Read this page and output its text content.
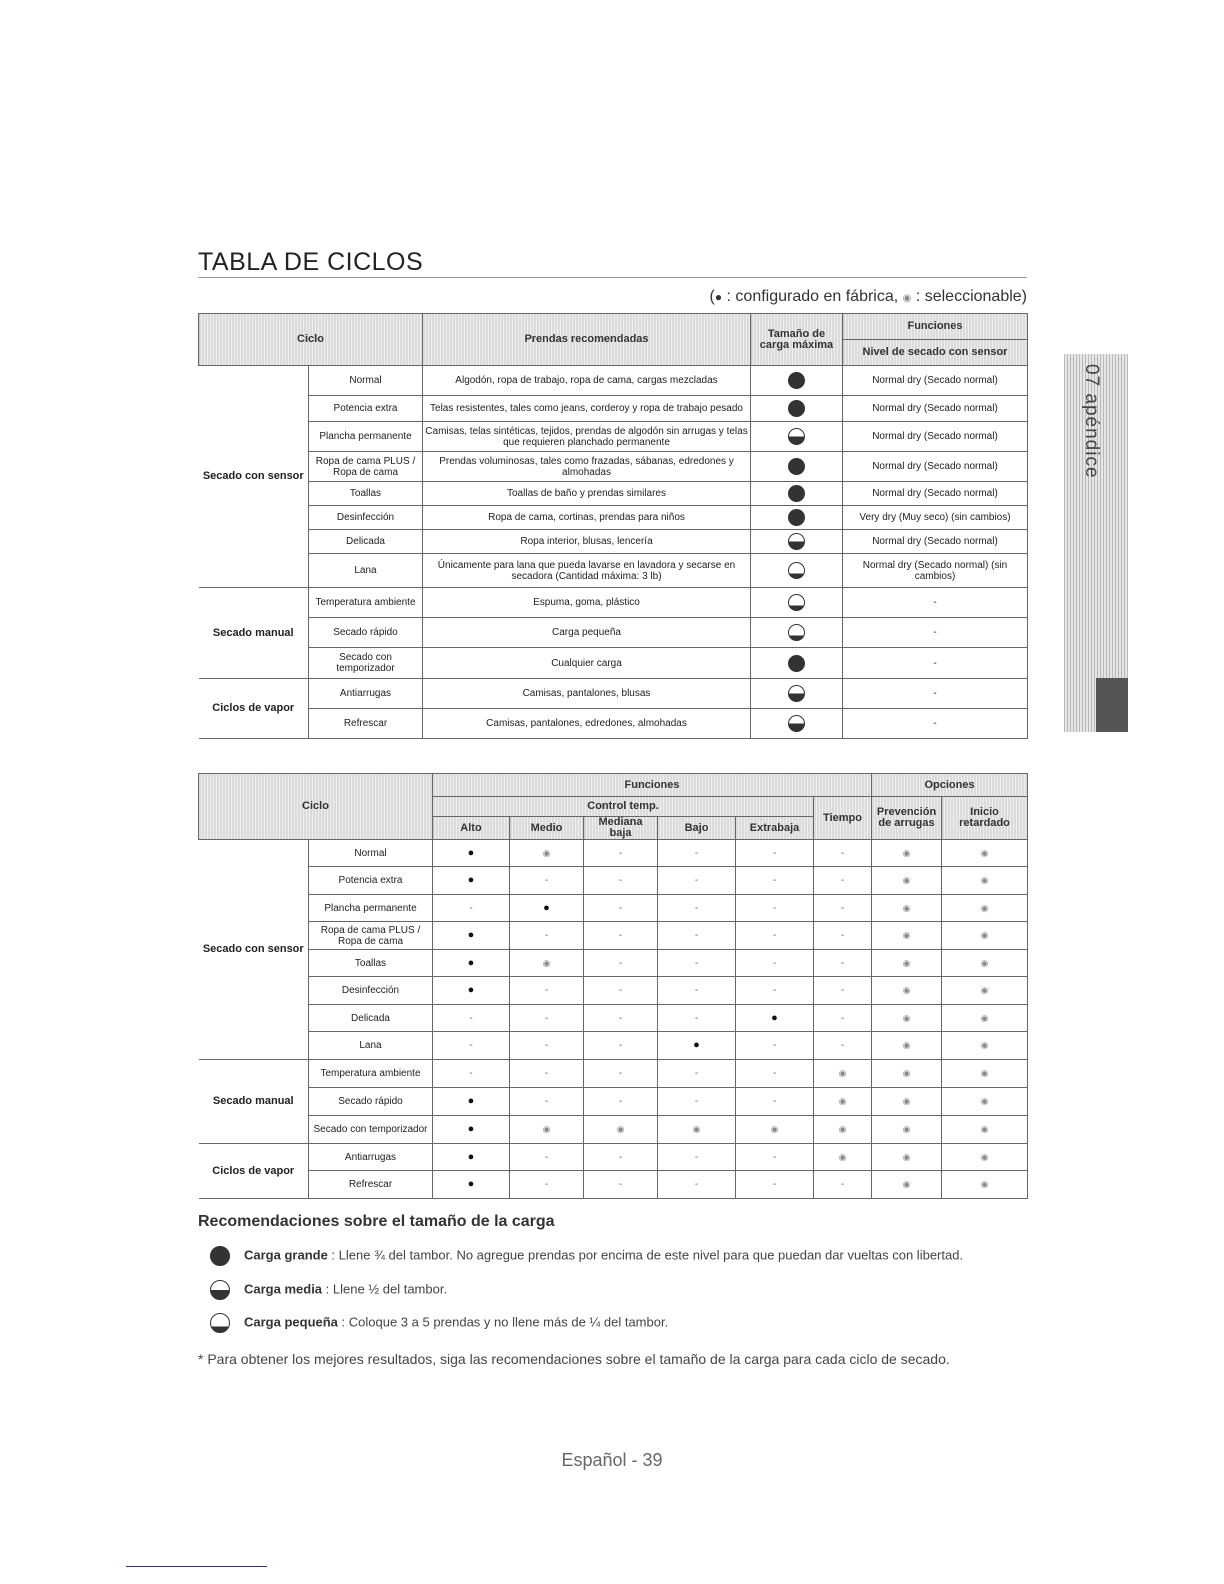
TABLA DE CICLOS
(● : configurado en fábrica, ◉ : seleccionable)
Ciclo		Prendas recomendadas	Tamaño de carga máxima	Funciones
				Nivel de secado con sensor
Secado con sensor	Normal	Algodón, ropa de trabajo, ropa de cama, cargas mezcladas		Normal dry (Secado normal)
	Potencia extra	Telas resistentes, tales como jeans, corderoy y ropa de trabajo pesado		Normal dry (Secado normal)
	Plancha permanente	Camisas, telas sintéticas, tejidos, prendas de algodón sin arrugas y telas que requieren planchado permanente		Normal dry (Secado normal)
	Ropa de cama PLUS / Ropa de cama	Prendas voluminosas, tales como frazadas, sábanas, edredones y almohadas		Normal dry (Secado normal)
	Toallas	Toallas de baño y prendas similares		Normal dry (Secado normal)
	Desinfección	Ropa de cama, cortinas, prendas para niños		Very dry (Muy seco) (sin cambios)
	Delicada	Ropa interior, blusas, lencería		Normal dry (Secado normal)
	Lana	Únicamente para lana que pueda lavarse en lavadora y secarse en secadora (Cantidad máxima: 3 lb)		Normal dry (Secado normal) (sin cambios)
Secado manual	Temperatura ambiente	Espuma, goma, plástico		-
	Secado rápido	Carga pequeña		-
	Secado con temporizador	Cualquier carga		-
Ciclos de vapor	Antiarrugas	Camisas, pantalones, blusas		-
	Refrescar	Camisas, pantalones, edredones, almohadas		-
Ciclo		Funciones						Opciones	
		Control temp.					Tiempo	Prevención de arrugas	Inicio retardado
		Alto	Medio	Mediana baja	Bajo	Extrabaja			
Secado con sensor	Normal	●	◉	-	-	-	-	◉	◉
	Potencia extra	●	-	-	-	-	-	◉	◉
	Plancha permanente	-	●	-	-	-	-	◉	◉
	Ropa de cama PLUS / Ropa de cama	●	-	-	-	-	-	◉	◉
	Toallas	●	◉	-	-	-	-	◉	◉
	Desinfección	●	-	-	-	-	-	◉	◉
	Delicada	-	-	-	-	●	-	◉	◉
	Lana	-	-	-	●	-	-	◉	◉
Secado manual	Temperatura ambiente	-	-	-	-	-	◉	◉	◉
	Secado rápido	●	-	-	-	-	◉	◉	◉
	Secado con temporizador	●	◉	◉	◉	◉	◉	◉	◉
Ciclos de vapor	Antiarrugas	●	-	-	-	-	◉	◉	◉
	Refrescar	●	-	-	-	-	-	◉	◉
07 apéndice
Recomendaciones sobre el tamaño de la carga
Carga grande : Llene ¾ del tambor. No agregue prendas por encima de este nivel para que puedan dar vueltas con libertad.
Carga media : Llene ½ del tambor.
Carga pequeña : Coloque 3 a 5 prendas y no llene más de ¼ del tambor.
* Para obtener los mejores resultados, siga las recomendaciones sobre el tamaño de la carga para cada ciclo de secado.
Español - 39
